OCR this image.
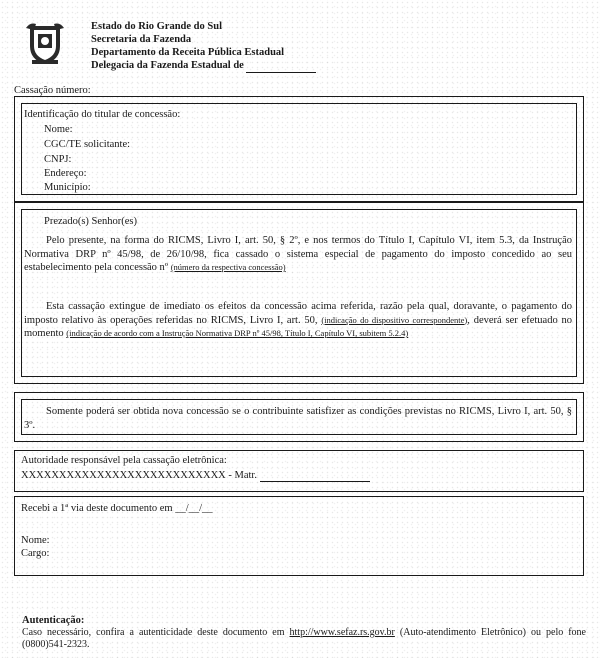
Estado do Rio Grande do Sul
Secretaria da Fazenda
Departamento da Receita Pública Estadual
Delegacia da Fazenda Estadual de
Cassação número:
Identificação do titular de concessão:
Nome:
CGC/TE solicitante:
CNPJ:
Endereço:
Município:
Prezado(s) Senhor(es)
Pelo presente, na forma do RICMS, Livro I, art. 50, § 2º, e nos termos do Título I, Capítulo VI, item 5.3, da Instrução Normativa DRP nº 45/98, de 26/10/98, fica cassado o sistema especial de pagamento do imposto concedido ao seu estabelecimento pela concessão nº (número da respectiva concessão)
Esta cassação extingue de imediato os efeitos da concessão acima referida, razão pela qual, doravante, o pagamento do imposto relativo às operações referidas no RICMS, Livro I, art. 50, (indicação do dispositivo correspondente), deverá ser efetuado no momento (indicação de acordo com a Instrução Normativa DRP nº 45/98, Título I, Capítulo VI, subitem 5.2.4)
Somente poderá ser obtida nova concessão se o contribuinte satisfizer as condições previstas no RICMS, Livro I, art. 50, § 3º.
Autoridade responsável pela cassação eletrônica:
XXXXXXXXXXXXXXXXXXXXXXXXXXX - Matr.
Recebi a 1ª via deste documento em __/__/__
Nome:
Cargo:
Autenticação:
Caso necessário, confira a autenticidade deste documento em http://www.sefaz.rs.gov.br (Auto-atendimento Eletrônico) ou pelo fone (0800)541-2323.
